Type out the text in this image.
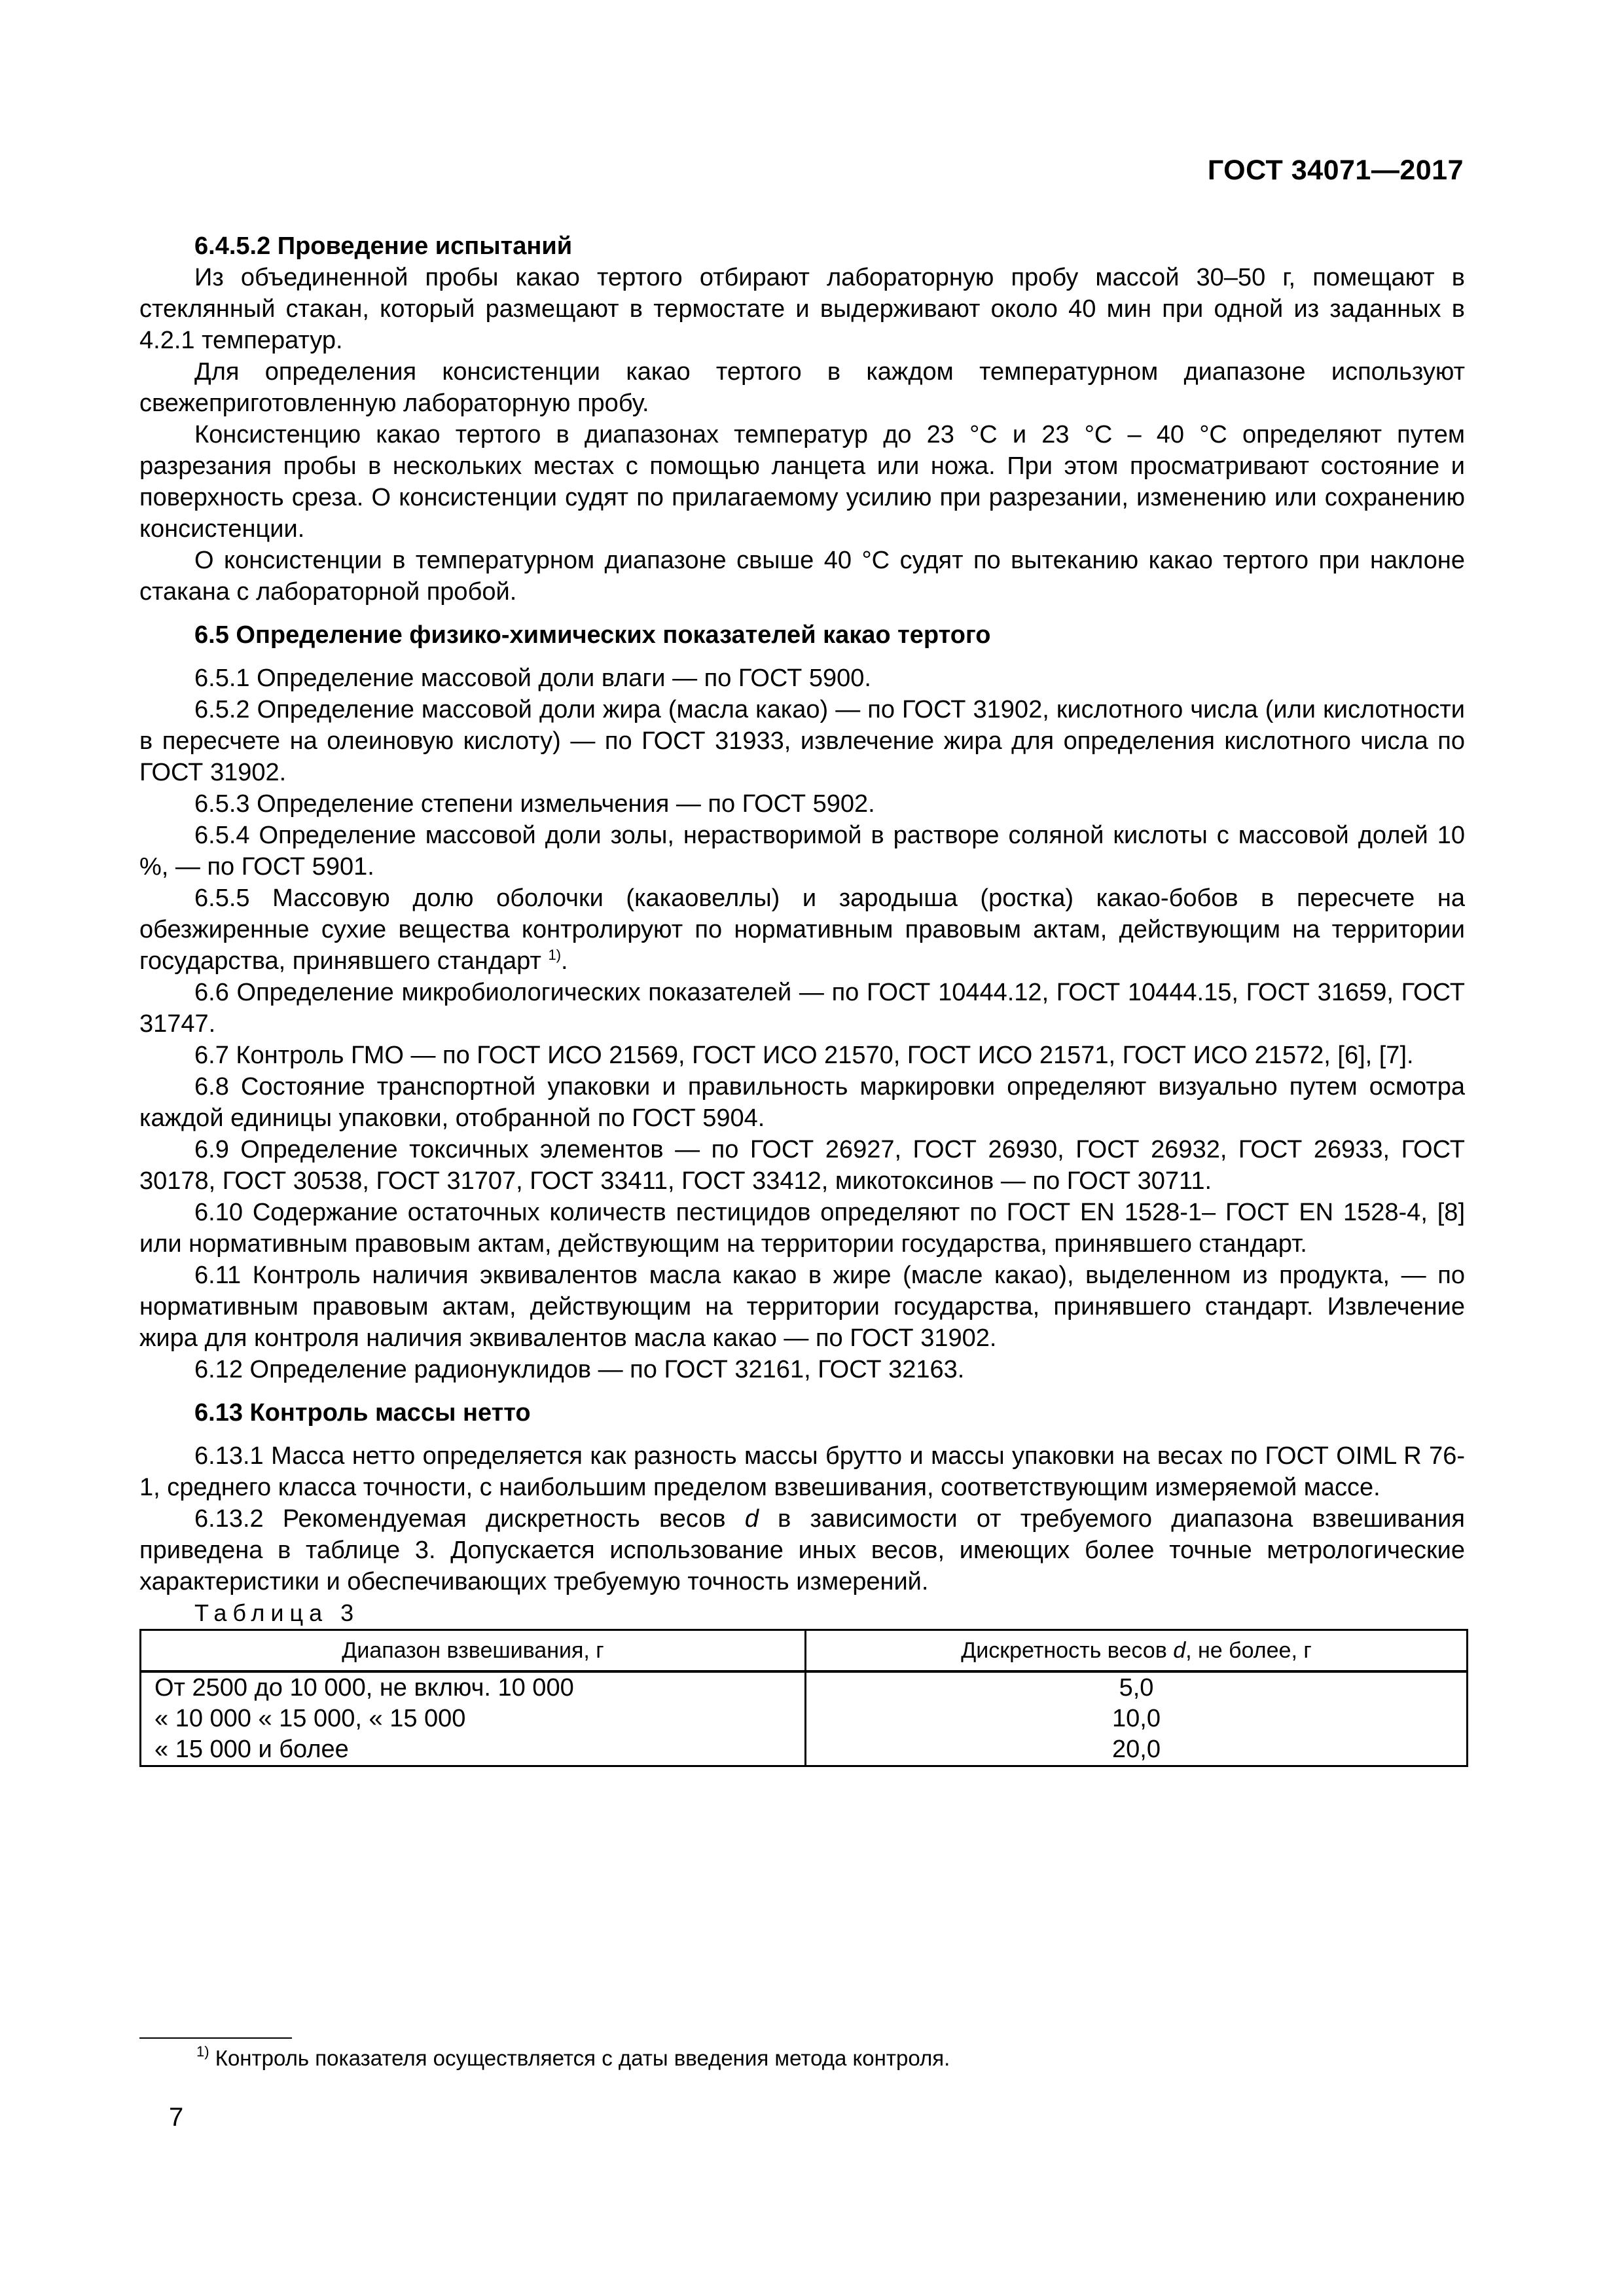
ГОСТ 34071—2017
6.4.5.2 Проведение испытаний

Из объединенной пробы какао тертого отбирают лабораторную пробу массой 30–50 г, помещают в стеклянный стакан, который размещают в термостате и выдерживают около 40 мин при одной из заданных в 4.2.1 температур.

Для определения консистенции какао тертого в каждом температурном диапазоне используют свежеприготовленную лабораторную пробу.

Консистенцию какао тертого в диапазонах температур до 23 °С и 23 °С – 40 °С определяют путем разрезания пробы в нескольких местах с помощью ланцета или ножа. При этом просматривают состояние и поверхность среза. О консистенции судят по прилагаемому усилию при разрезании, изменению или сохранению консистенции.

О консистенции в температурном диапазоне свыше 40 °С судят по вытеканию какао тертого при наклоне стакана с лабораторной пробой.

6.5 Определение физико-химических показателей какао тертого

6.5.1 Определение массовой доли влаги — по ГОСТ 5900.

6.5.2 Определение массовой доли жира (масла какао) — по ГОСТ 31902, кислотного числа (или кислотности в пересчете на олеиновую кислоту) — по ГОСТ 31933, извлечение жира для определения кислотного числа по ГОСТ 31902.

6.5.3 Определение степени измельчения — по ГОСТ 5902.

6.5.4 Определение массовой доли золы, нерастворимой в растворе соляной кислоты с массовой долей 10 %, — по ГОСТ 5901.

6.5.5 Массовую долю оболочки (какаовеллы) и зародыша (ростка) какао-бобов в пересчете на обезжиренные сухие вещества контролируют по нормативным правовым актам, действующим на территории государства, принявшего стандарт $^{1)}$.

6.6 Определение микробиологических показателей — по ГОСТ 10444.12, ГОСТ 10444.15, ГОСТ 31659, ГОСТ 31747.

6.7 Контроль ГМО — по ГОСТ ИСО 21569, ГОСТ ИСО 21570, ГОСТ ИСО 21571, ГОСТ ИСО 21572, [6], [7].

6.8 Состояние транспортной упаковки и правильность маркировки определяют визуально путем осмотра каждой единицы упаковки, отобранной по ГОСТ 5904.

6.9 Определение токсичных элементов — по ГОСТ 26927, ГОСТ 26930, ГОСТ 26932, ГОСТ 26933, ГОСТ 30178, ГОСТ 30538, ГОСТ 31707, ГОСТ 33411, ГОСТ 33412, микотоксинов — по ГОСТ 30711.

6.10 Содержание остаточных количеств пестицидов определяют по ГОСТ EN 1528-1– ГОСТ EN 1528-4, [8] или нормативным правовым актам, действующим на территории государства, принявшего стандарт.

6.11 Контроль наличия эквивалентов масла какао в жире (масле какао), выделенном из продукта, — по нормативным правовым актам, действующим на территории государства, принявшего стандарт. Извлечение жира для контроля наличия эквивалентов масла какао — по ГОСТ 31902.

6.12 Определение радионуклидов — по ГОСТ 32161, ГОСТ 32163.

6.13 Контроль массы нетто

6.13.1 Масса нетто определяется как разность массы брутто и массы упаковки на весах по ГОСТ OIML R 76-1, среднего класса точности, с наибольшим пределом взвешивания, соответствующим измеряемой массе.

6.13.2 Рекомендуемая дискретность весов d в зависимости от требуемого диапазона взвешивания приведена в таблице 3. Допускается использование иных весов, имеющих более точные метрологические характеристики и обеспечивающих требуемую точность измерений.

Таблица 3

Диапазон взвешивания, г	Дискретность весов d, не более, г
От 2500 до 10 000, не включ. 10 000	5,0
« 10 000 « 15 000, « 15 000	10,0
« 15 000 и более	20,0
$^{1)}$ Контроль показателя осуществляется с даты введения метода контроля.
7
